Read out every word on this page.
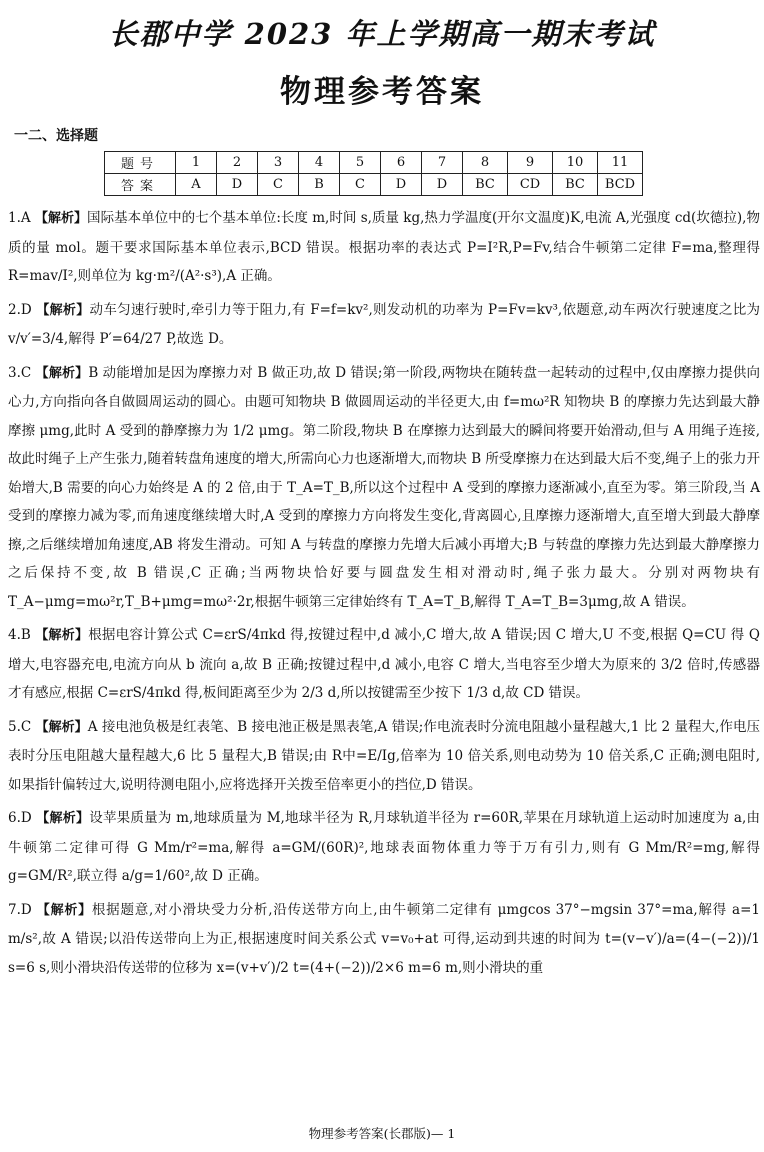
长郡中学 2023 年上学期高一期末考试
物理参考答案
一二、选择题
题号	1	2	3	4	5	6	7	8	9	10	11
答案	A	D	C	B	C	D	D	BC	CD	BC	BCD

1.A 【解析】国际基本单位中的七个基本单位:长度 m,时间 s,质量 kg,热力学温度(开尔文温度)K,电流 A,光强度 cd(坎德拉),物质的量 mol。题干要求国际基本单位表示,BCD 错误。根据功率的表达式 P=I²R,P=Fv,结合牛顿第二定律 F=ma,整理得 R=mav/I²,则单位为 kg·m²/(A²·s³),A 正确。

2.D 【解析】动车匀速行驶时,牵引力等于阻力,有 F=f=kv²,则发动机的功率为 P=Fv=kv³,依题意,动车两次行驶速度之比为 v/v′=3/4,解得 P′=64/27 P,故选 D。

3.C 【解析】B 动能增加是因为摩擦力对 B 做正功,故 D 错误;第一阶段,两物块在随转盘一起转动的过程中,仅由摩擦力提供向心力,方向指向各自做圆周运动的圆心。由题可知物块 B 做圆周运动的半径更大,由 f=mω²R 知物块 B 的摩擦力先达到最大静摩擦 μmg,此时 A 受到的静摩擦力为 1/2 μmg。第二阶段,物块 B 在摩擦力达到最大的瞬间将要开始滑动,但与 A 用绳子连接,故此时绳子上产生张力,随着转盘角速度的增大,所需向心力也逐渐增大,而物块 B 所受摩擦力在达到最大后不变,绳子上的张力开始增大,B 需要的向心力始终是 A 的 2 倍,由于 T_A=T_B,所以这个过程中 A 受到的摩擦力逐渐减小,直至为零。第三阶段,当 A 受到的摩擦力减为零,而角速度继续增大时,A 受到的摩擦力方向将发生变化,背离圆心,且摩擦力逐渐增大,直至增大到最大静摩擦,之后继续增加角速度,AB 将发生滑动。可知 A 与转盘的摩擦力先增大后减小再增大;B 与转盘的摩擦力先达到最大静摩擦力之后保持不变,故 B 错误,C 正确;当两物块恰好要与圆盘发生相对滑动时,绳子张力最大。分别对两物块有 T_A−μmg=mω²r,T_B+μmg=mω²·2r,根据牛顿第三定律始终有 T_A=T_B,解得 T_A=T_B=3μmg,故 A 错误。

4.B 【解析】根据电容计算公式 C=εrS/4πkd 得,按键过程中,d 减小,C 增大,故 A 错误;因 C 增大,U 不变,根据 Q=CU 得 Q 增大,电容器充电,电流方向从 b 流向 a,故 B 正确;按键过程中,d 减小,电容 C 增大,当电容至少增大为原来的 3/2 倍时,传感器才有感应,根据 C=εrS/4πkd 得,板间距离至少为 2/3 d,所以按键需至少按下 1/3 d,故 CD 错误。

5.C 【解析】A 接电池负极是红表笔、B 接电池正极是黑表笔,A 错误;作电流表时分流电阻越小量程越大,1 比 2 量程大,作电压表时分压电阻越大量程越大,6 比 5 量程大,B 错误;由 R中=E/Ig,倍率为 10 倍关系,则电动势为 10 倍关系,C 正确;测电阻时,如果指针偏转过大,说明待测电阻小,应将选择开关拨至倍率更小的挡位,D 错误。

6.D 【解析】设苹果质量为 m,地球质量为 M,地球半径为 R,月球轨道半径为 r=60R,苹果在月球轨道上运动时加速度为 a,由牛顿第二定律可得 G Mm/r²=ma,解得 a=GM/(60R)²,地球表面物体重力等于万有引力,则有 G Mm/R²=mg,解得 g=GM/R²,联立得 a/g=1/60²,故 D 正确。

7.D 【解析】根据题意,对小滑块受力分析,沿传送带方向上,由牛顿第二定律有 μmgcos 37°−mgsin 37°=ma,解得 a=1 m/s²,故 A 错误;以沿传送带向上为正,根据速度时间关系公式 v=v₀+at 可得,运动到共速的时间为 t=(v−v′)/a=(4−(−2))/1 s=6 s,则小滑块沿传送带的位移为 x=(v+v′)/2 t=(4+(−2))/2×6 m=6 m,则小滑块的重

物理参考答案(长郡版)— 1
